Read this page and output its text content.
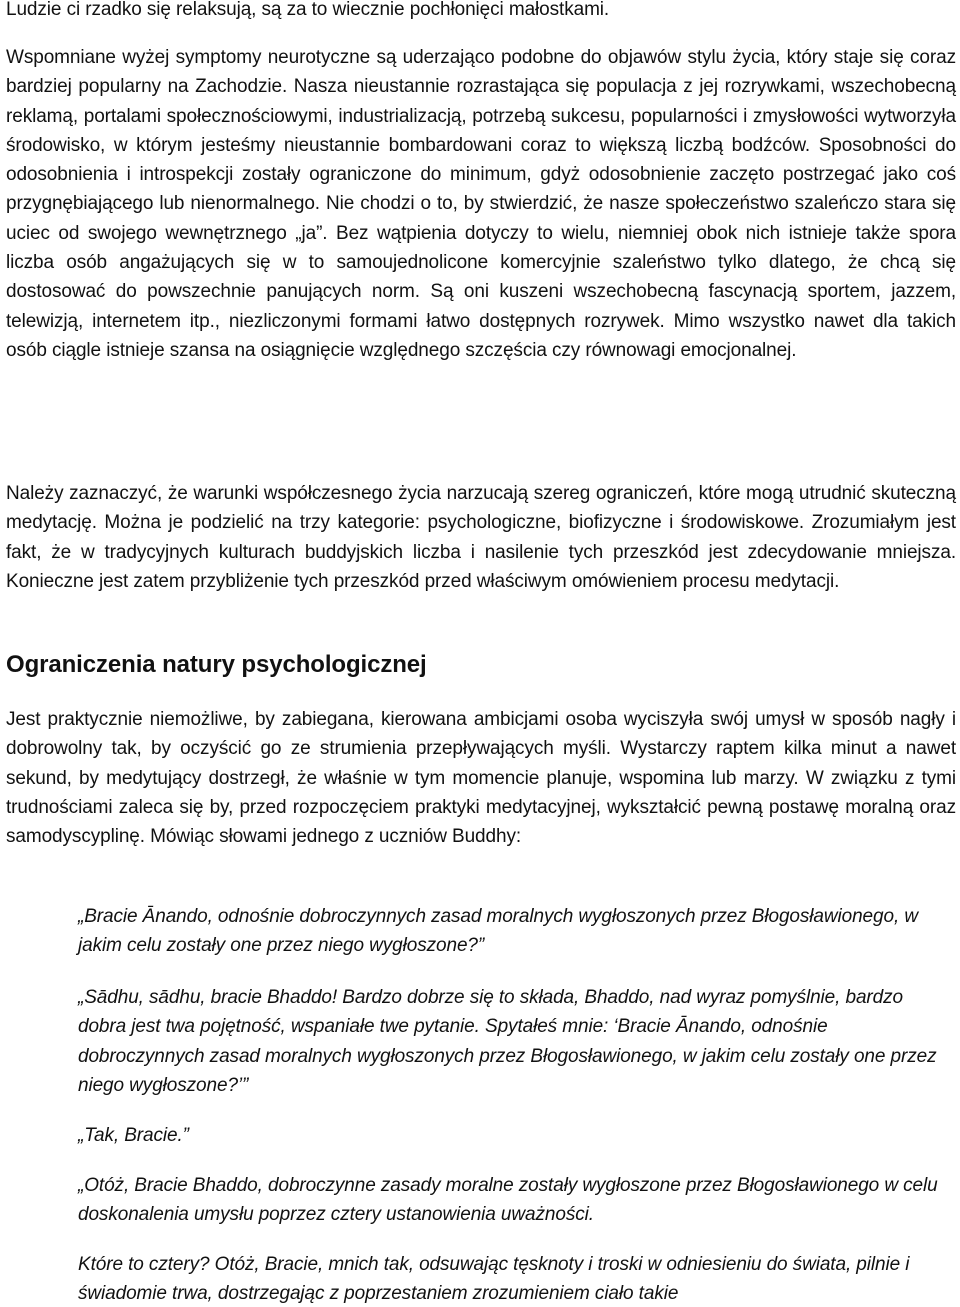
Ludzie ci rzadko się relaksują, są za to wiecznie pochłonięci małostkami.

Wspomniane wyżej symptomy neurotyczne są uderzająco podobne do objawów stylu życia, który staje się coraz bardziej popularny na Zachodzie. Nasza nieustannie rozrastająca się populacja z jej rozrywkami, wszechobecną reklamą, portalami społecznościowymi, industrializacją, potrzebą sukcesu, popularności i zmysłowości wytworzyła środowisko, w którym jesteśmy nieustannie bombardowani coraz to większą liczbą bodźców. Sposobności do odosobnienia i introspekcji zostały ograniczone do minimum, gdyż odosobnienie zaczęto postrzegać jako coś przygnębiającego lub nienormalnego. Nie chodzi o to, by stwierdzić, że nasze społeczeństwo szaleńczo stara się uciec od swojego wewnętrznego „ja”. Bez wątpienia dotyczy to wielu, niemniej obok nich istnieje także spora liczba osób angażujących się w to samoujednolicone komercyjnie szaleństwo tylko dlatego, że chcą się dostosować do powszechnie panujących norm. Są oni kuszeni wszechobecną fascynacją sportem, jazzem, telewizją, internetem itp., niezliczonymi formami łatwo dostępnych rozrywek. Mimo wszystko nawet dla takich osób ciągle istnieje szansa na osiągnięcie względnego szczęścia czy równowagi emocjonalnej.

Należy zaznaczyć, że warunki współczesnego życia narzucają szereg ograniczeń, które mogą utrudnić skuteczną medytację. Można je podzielić na trzy kategorie: psychologiczne, biofizyczne i środowiskowe. Zrozumiałym jest fakt, że w tradycyjnych kulturach buddyjskich liczba i nasilenie tych przeszkód jest zdecydowanie mniejsza. Konieczne jest zatem przybliżenie tych przeszkód przed właściwym omówieniem procesu medytacji.

Ograniczenia natury psychologicznej

Jest praktycznie niemożliwe, by zabiegana, kierowana ambicjami osoba wyciszyła swój umysł w sposób nagły i dobrowolny tak, by oczyścić go ze strumienia przepływających myśli. Wystarczy raptem kilka minut a nawet sekund, by medytujący dostrzegł, że właśnie w tym momencie planuje, wspomina lub marzy. W związku z tymi trudnościami zaleca się by, przed rozpoczęciem praktyki medytacyjnej, wykształcić pewną postawę moralną oraz samodyscyplinę. Mówiąc słowami jednego z uczniów Buddhy:

„Bracie Ānando, odnośnie dobroczynnych zasad moralnych wygłoszonych przez Błogosławionego, w jakim celu zostały one przez niego wygłoszone?”

„Sādhu, sādhu, bracie Bhaddo! Bardzo dobrze się to składa, Bhaddo, nad wyraz pomyślnie, bardzo dobra jest twa pojętność, wspaniałe twe pytanie. Spytałeś mnie: ‘Bracie Ānando, odnośnie dobroczynnych zasad moralnych wygłoszonych przez Błogosławionego, w jakim celu zostały one przez niego wygłoszone?’”

„Tak, Bracie.”

„Otóż, Bracie Bhaddo, dobroczynne zasady moralne zostały wygłoszone przez Błogosławionego w celu doskonalenia umysłu poprzez cztery ustanowienia uważności.

Które to cztery? Otóż, Bracie, mnich tak, odsuwając tęsknoty i troski w odniesieniu do świata, pilnie i świadomie trwa, dostrzegając z poprzestaniem zrozumieniem ciało takie
